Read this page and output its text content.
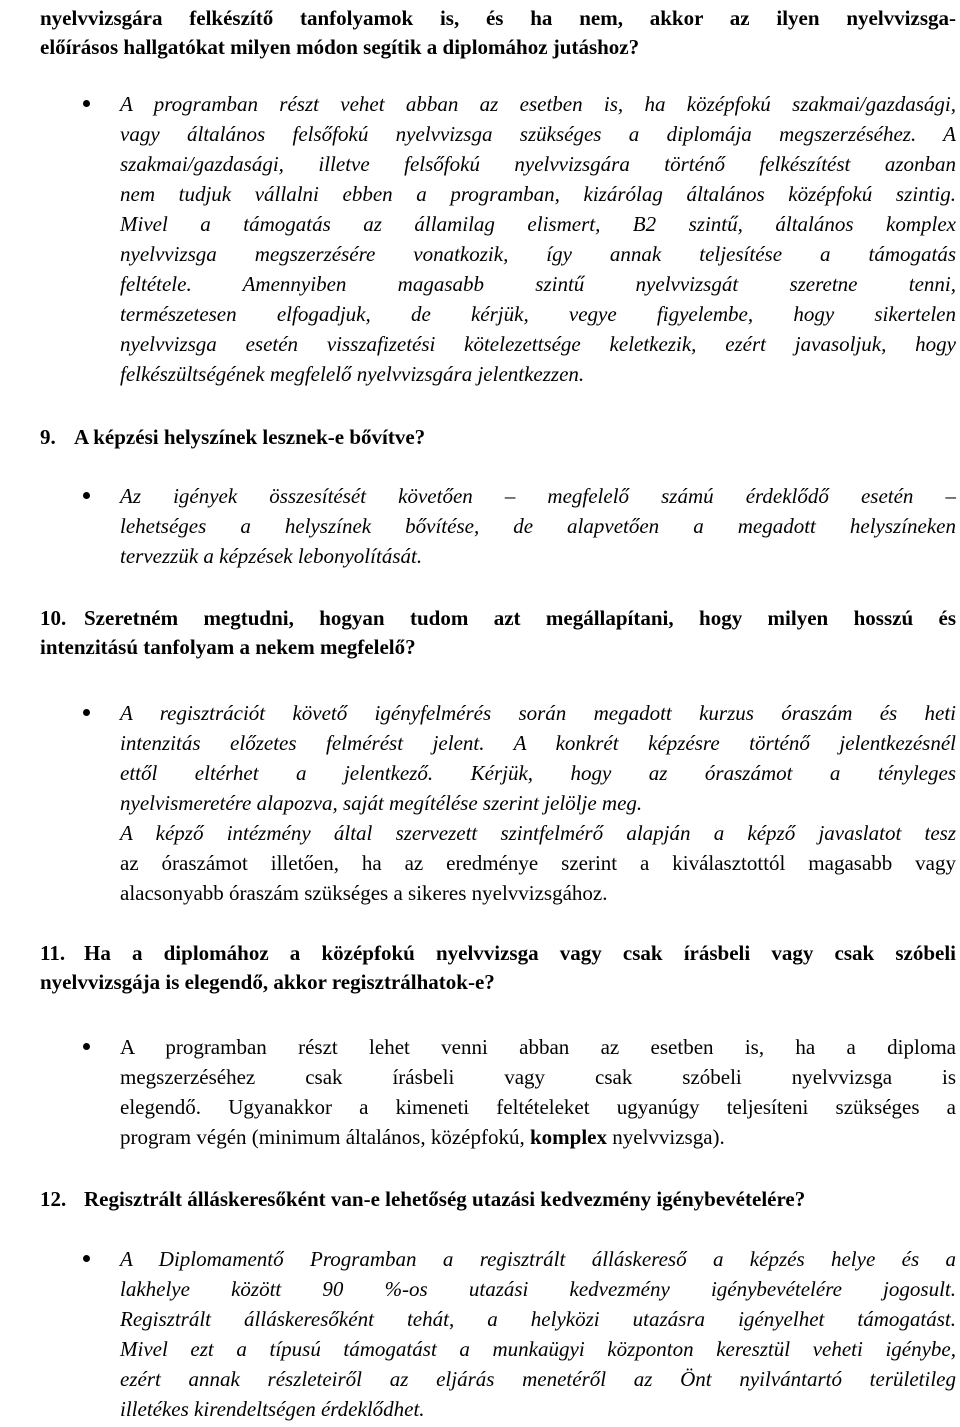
nyelvvizsgára felkészítő tanfolyamok is, és ha nem, akkor az ilyen nyelvvizsga-
előírásos hallgatókat milyen módon segítik a diplomához jutáshoz?
A programban részt vehet abban az esetben is, ha középfokú szakmai/gazdasági,
vagy általános felsőfokú nyelvvizsga szükséges a diplomája megszerzéséhez. A
szakmai/gazdasági, illetve felsőfokú nyelvvizsgára történő felkészítést azonban
nem tudjuk vállalni ebben a programban, kizárólag általános középfokú szintig.
Mivel a támogatás az államilag elismert, B2 szintű, általános komplex
nyelvvizsga megszerzésére vonatkozik, így annak teljesítése a támogatás
feltétele. Amennyiben magasabb szintű nyelvvizsgát szeretne tenni,
természetesen elfogadjuk, de kérjük, vegye figyelembe, hogy sikertelen
nyelvvizsga esetén visszafizetési kötelezettsége keletkezik, ezért javasoljuk, hogy
felkészültségének megfelelő nyelvvizsgára jelentkezzen.
9. A képzési helyszínek lesznek-e bővítve?
Az igények összesítését követően – megfelelő számú érdeklődő esetén –
lehetséges a helyszínek bővítése, de alapvetően a megadott helyszíneken
tervezzük a képzések lebonyolítását.
10. Szeretném megtudni, hogyan tudom azt megállapítani, hogy milyen hosszú és
intenzitású tanfolyam a nekem megfelelő?
A regisztrációt követő igényfelmérés során megadott kurzus óraszám és heti
intenzitás előzetes felmérést jelent. A konkrét képzésre történő jelentkezésnél
ettől eltérhet a jelentkező. Kérjük, hogy az óraszámot a tényleges
nyelvismeretére alapozva, saját megítélése szerint jelölje meg.
A képző intézmény által szervezett szintfelmérő alapján a képző javaslatot tesz
az óraszámot illetően, ha az eredménye szerint a kiválasztottól magasabb vagy
alacsonyabb óraszám szükséges a sikeres nyelvvizsgához.
11. Ha a diplomához a középfokú nyelvvizsga vagy csak írásbeli vagy csak szóbeli
nyelvvizsgája is elegendő, akkor regisztrálhatok-e?
A programban részt lehet venni abban az esetben is, ha a diploma
megszerzéséhez csak írásbeli vagy csak szóbeli nyelvvizsga is
elegendő. Ugyanakkor a kimeneti feltételeket ugyanúgy teljesíteni szükséges a
program végén (minimum általános, középfokú, komplex nyelvvizsga).
12. Regisztrált álláskeresőként van-e lehetőség utazási kedvezmény igénybevételére?
A Diplomamentő Programban a regisztrált álláskereső a képzés helye és a
lakhelye között 90 %-os utazási kedvezmény igénybevételére jogosult.
Regisztrált álláskeresőként tehát, a helyközi utazásra igényelhet támogatást.
Mivel ezt a típusú támogatást a munkaügyi központon keresztül veheti igénybe,
ezért annak részleteiről az eljárás menetéről az Önt nyilvántartó területileg
illetékes kirendeltségen érdeklődhet.
